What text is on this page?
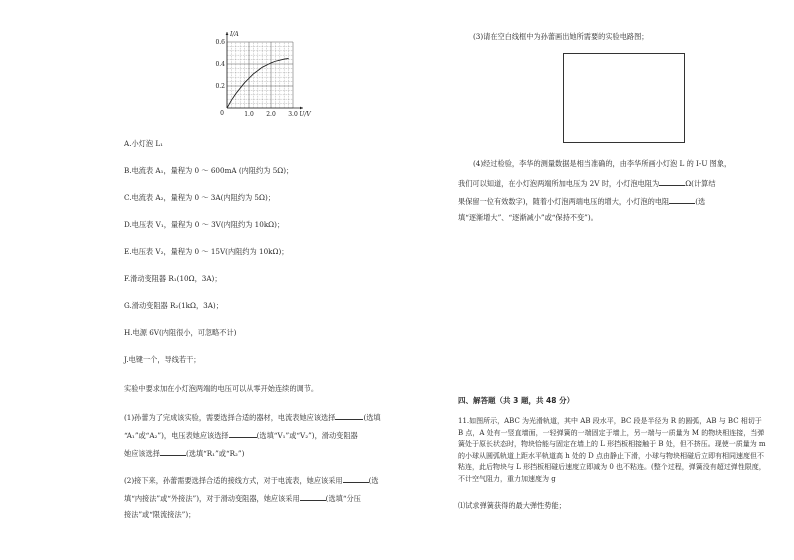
1.0 2.0 3.0
0.2
0.4
0.6
U/V
I/A
0
A.小灯泡 L₁
B.电流表 A₁，量程为 0 ～ 600mA (内阻约为 5Ω)；
C.电流表 A₂，量程为 0 ～ 3A(内阻约为 5Ω)；
D.电压表 V₁，量程为 0 ～ 3V(内阻约为 10kΩ)；
E.电压表 V₂，量程为 0 ～ 15V(内阻约为 10kΩ)；
F.滑动变阻器 R₁(10Ω，3A)；
G.滑动变阻器 R₂(1kΩ，3A)；
H.电源 6V(内阻很小，可忽略不计)
J.电键一个，导线若干；
实验中要求加在小灯泡两端的电压可以从零开始连续的调节。
(1)孙蕾为了完成该实验，需要选择合适的器材，电流表她应该选择	(选填
“A₁”或“A₂”)，电压表她应该选择	(选填“V₁”或“V₂”)，滑动变阻器
她应该选择	(选填“R₁”或“R₂”)
(2)接下来，孙蕾需要选择合适的接线方式，对于电流表，她应该采用	(选
填“内接法”或“外接法”)，对于滑动变阻器，她应该采用	(选填“分压
接法”或“限流接法”)；
(3)请在空白线框中为孙蕾画出她所需要的实验电路图；
(4)经过检验，李华的测量数据是相当准确的，由李华所画小灯泡 L 的 I-U 图象，
我们可以知道，在小灯泡两端所加电压为 2V 时，小灯泡电阻为	Ω(计算结
果保留一位有效数字)，随着小灯泡两端电压的增大，小灯泡的电阻	(选
填“逐渐增大”、“逐渐减小”或“保持不变”)。
四、解答题（共 3 题，共 48 分）
11.如图所示，ABC 为光滑轨道，其中 AB 段水平，BC 段是半径为 R 的圆弧，AB 与 BC 相切于 B 点，A 处有一竖直墙面，一轻弹簧的一端固定于墙上，另一端与一质量为 M 的物块相连接，当弹簧处于原长状态时，物块恰能与固定在墙上的 L 形挡板相接触于 B 处，但不挤压。现使一质量为 m 的小球从圆弧轨道上距水平轨道高 h 处的 D 点由静止下滑，小球与物块相碰后立即有相同速度但不粘连，此后物块与 L 形挡板相碰后速度立即减为 0 也不粘连。(整个过程，弹簧没有超过弹性限度，不计空气阻力，重力加速度为 g
⑴试求弹簧获得的最大弹性势能；
